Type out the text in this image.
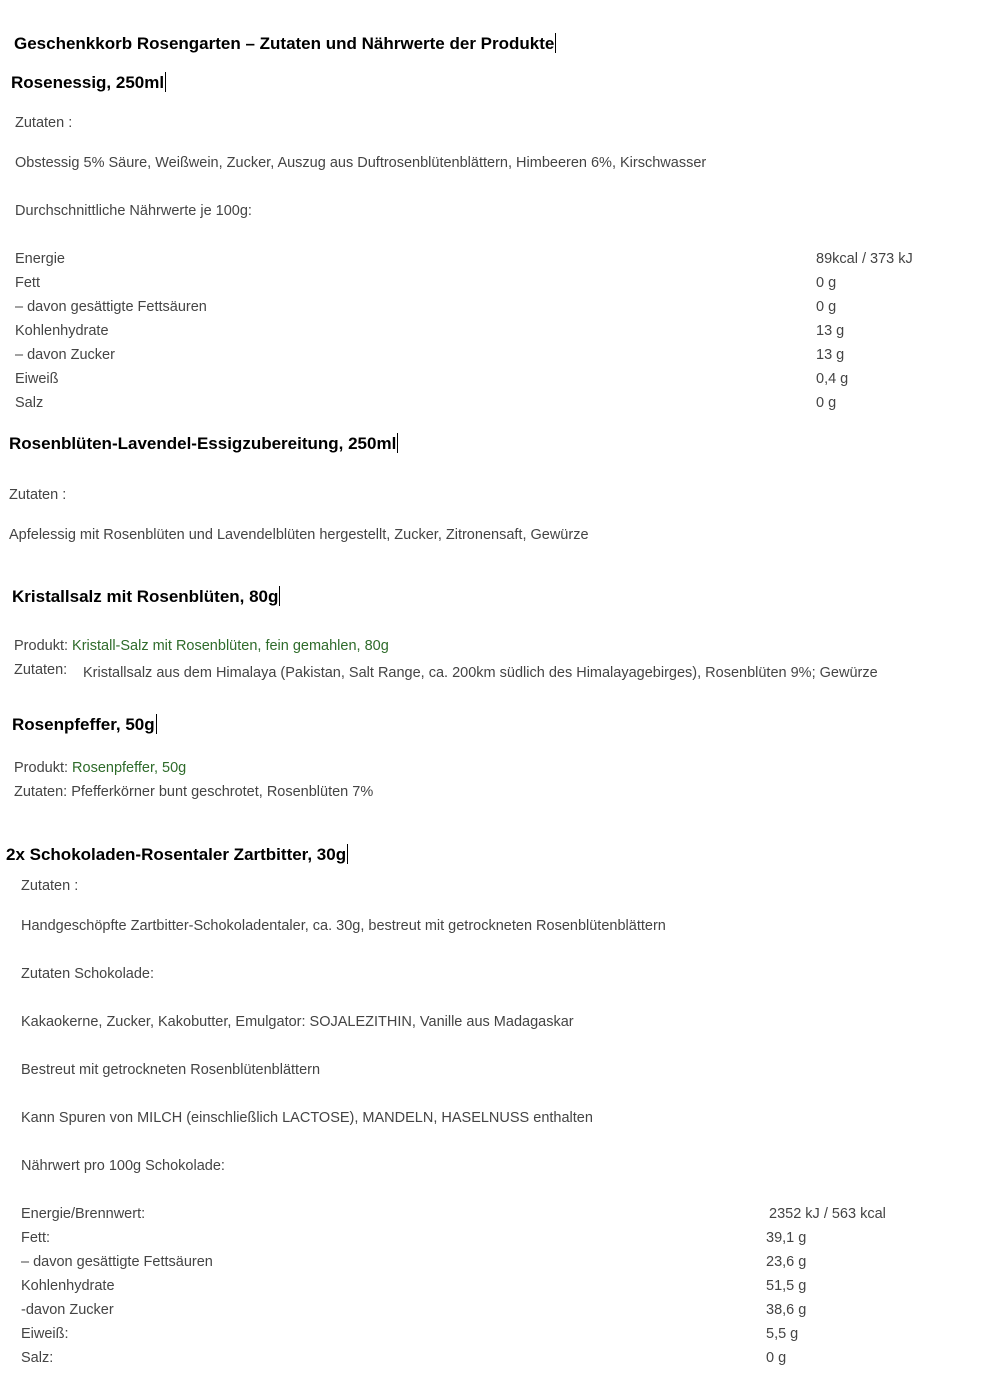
Geschenkkorb Rosengarten – Zutaten und Nährwerte der Produkte
Rosenessig, 250ml
Zutaten :
Obstessig 5% Säure, Weißwein, Zucker, Auszug aus Duftrosenblütenblättern, Himbeeren 6%, Kirschwasser
Durchschnittliche Nährwerte je 100g:
Energie	89kcal / 373 kJ
Fett	0 g
– davon gesättigte Fettsäuren	0 g
Kohlenhydrate	13 g
– davon Zucker	13 g
Eiweiß	0,4 g
Salz	0 g
Rosenblüten-Lavendel-Essigzubereitung, 250ml
Zutaten :
Apfelessig mit Rosenblüten und Lavendelblüten hergestellt, Zucker, Zitronensaft, Gewürze
Kristallsalz mit Rosenblüten, 80g
Produkt: Kristall-Salz mit Rosenblüten, fein gemahlen, 80g
Zutaten: Kristallsalz aus dem Himalaya (Pakistan, Salt Range, ca. 200km südlich des Himalayagebirges), Rosenblüten 9%; Gewürze
Rosenpfeffer, 50g
Produkt: Rosenpfeffer, 50g
Zutaten: Pfefferkörner bunt geschrotet, Rosenblüten 7%
2x Schokoladen-Rosentaler Zartbitter, 30g
Zutaten :
Handgeschöpfte Zartbitter-Schokoladentaler, ca. 30g, bestreut mit getrockneten Rosenblütenblättern
Zutaten Schokolade:
Kakaokerne, Zucker, Kakobutter, Emulgator: SOJALEZITHIN, Vanille aus Madagaskar
Bestreut mit getrockneten Rosenblütenblättern
Kann Spuren von MILCH (einschließlich LACTOSE), MANDELN, HASELNUSS enthalten
Nährwert pro 100g Schokolade:
Energie/Brennwert:	2352 kJ / 563 kcal
Fett:	39,1 g
– davon gesättigte Fettsäuren	23,6 g
Kohlenhydrate	51,5 g
-davon Zucker	38,6 g
Eiweiß:	5,5 g
Salz:	0 g
